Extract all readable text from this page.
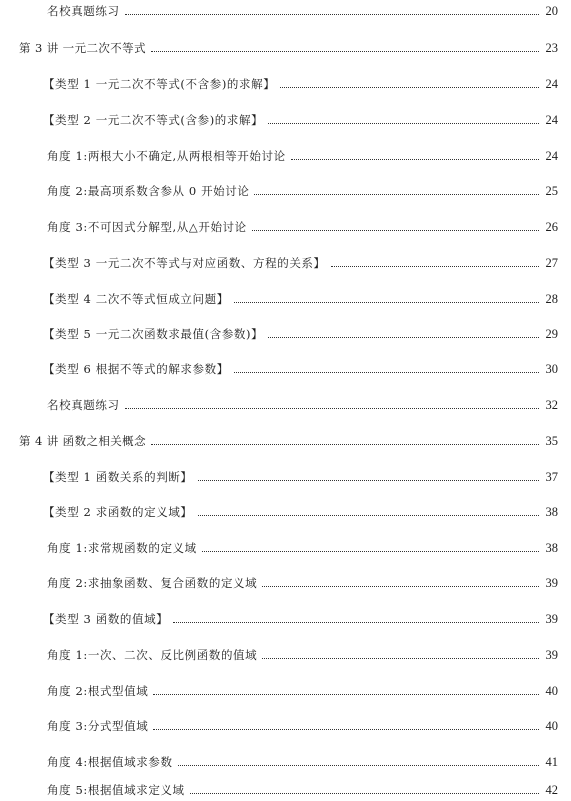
名校真题练习	20
第 3 讲 一元二次不等式	23
【类型 1 一元二次不等式(不含参)的求解】	24
【类型 2 一元二次不等式(含参)的求解】	24
角度 1:两根大小不确定,从两根相等开始讨论	24
角度 2:最高项系数含参从 0 开始讨论	25
角度 3:不可因式分解型,从△开始讨论	26
【类型 3 一元二次不等式与对应函数、方程的关系】	27
【类型 4 二次不等式恒成立问题】	28
【类型 5 一元二次函数求最值(含参数)】	29
【类型 6 根据不等式的解求参数】	30
名校真题练习	32
第 4 讲 函数之相关概念	35
【类型 1 函数关系的判断】	37
【类型 2 求函数的定义域】	38
角度 1:求常规函数的定义域	38
角度 2:求抽象函数、复合函数的定义域	39
【类型 3 函数的值域】	39
角度 1:一次、二次、反比例函数的值域	39
角度 2:根式型值域	40
角度 3:分式型值域	40
角度 4:根据值域求参数	41
角度 5:根据值域求定义域	42
